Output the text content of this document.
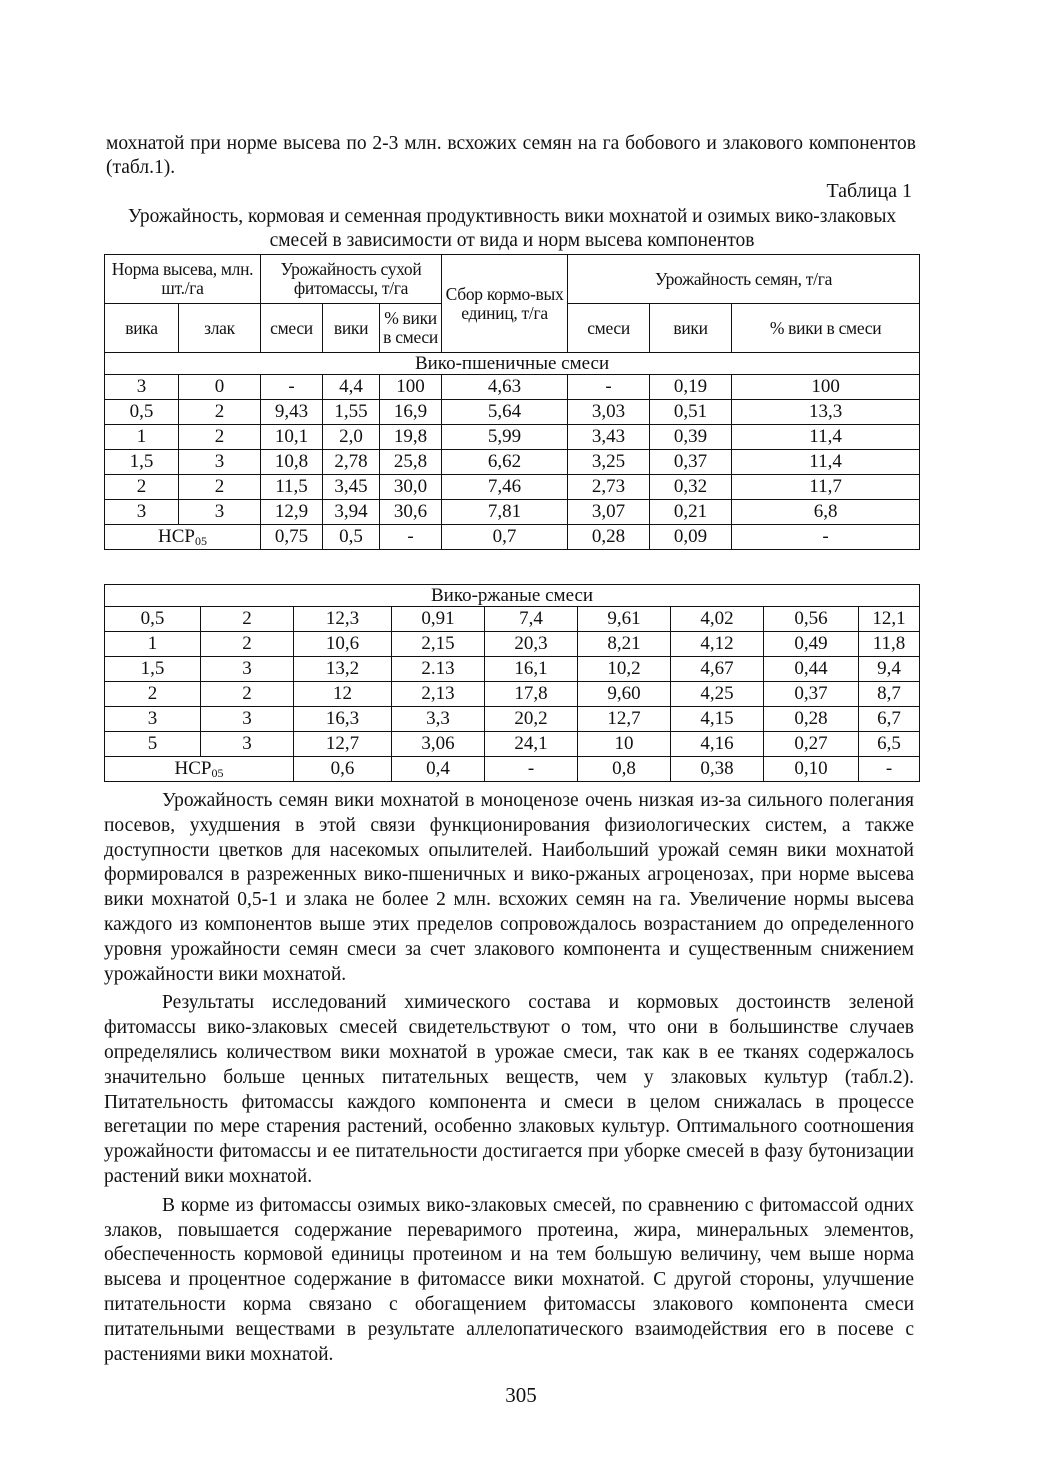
мохнатой при норме высева по 2-3 млн. всхожих семян на га бобового и злакового компонентов (табл.1).
Таблица 1
Урожайность, кормовая и семенная продуктивность вики мохнатой и озимых вико-злаковых смесей в зависимости от вида и норм высева компонентов
Норма высева, млн. шт./га		Урожайность сухой фитомассы, т/га			Сбор кормо-вых единиц, т/га	Урожайность семян, т/га		
вика	злак	смеси	вики	% вики в смеси		смеси	вики	% вики в смеси
Вико-пшеничные смеси								
3	0	-	4,4	100	4,63	-	0,19	100
0,5	2	9,43	1,55	16,9	5,64	3,03	0,51	13,3
1	2	10,1	2,0	19,8	5,99	3,43	0,39	11,4
1,5	3	10,8	2,78	25,8	6,62	3,25	0,37	11,4
2	2	11,5	3,45	30,0	7,46	2,73	0,32	11,7
3	3	12,9	3,94	30,6	7,81	3,07	0,21	6,8
$НСР_{05}$		0,75	0,5	-	0,7	0,28	0,09	-
Вико-ржаные смеси								
0,5	2	12,3	0,91	7,4	9,61	4,02	0,56	12,1
1	2	10,6	2,15	20,3	8,21	4,12	0,49	11,8
1,5	3	13,2	2.13	16,1	10,2	4,67	0,44	9,4
2	2	12	2,13	17,8	9,60	4,25	0,37	8,7
3	3	16,3	3,3	20,2	12,7	4,15	0,28	6,7
5	3	12,7	3,06	24,1	10	4,16	0,27	6,5
$НСР_{05}$		0,6	0,4	-	0,8	0,38	0,10	-

Урожайность семян вики мохнатой в моноценозе очень низкая из-за сильного полегания посевов, ухудшения в этой связи функционирования физиологических систем, а также доступности цветков для насекомых опылителей. Наибольший урожай семян вики мохнатой формировался в разреженных вико-пшеничных и вико-ржаных агроценозах, при норме высева вики мохнатой 0,5-1 и злака не более 2 млн. всхожих семян на га. Увеличение нормы высева каждого из компонентов выше этих пределов сопровождалось возрастанием до определенного уровня урожайности семян смеси за счет злакового компонента и существенным снижением урожайности вики мохнатой.

Результаты исследований химического состава и кормовых достоинств зеленой фитомассы вико-злаковых смесей свидетельствуют о том, что они в большинстве случаев определялись количеством вики мохнатой в урожае смеси, так как в ее тканях содержалось значительно больше ценных питательных веществ, чем у злаковых культур (табл.2). Питательность фитомассы каждого компонента и смеси в целом снижалась в процессе вегетации по мере старения растений, особенно злаковых культур. Оптимального соотношения урожайности фитомассы и ее питательности достигается при уборке смесей в фазу бутонизации растений вики мохнатой.

В корме из фитомассы озимых вико-злаковых смесей, по сравнению с фитомассой одних злаков, повышается содержание переваримого протеина, жира, минеральных элементов, обеспеченность кормовой единицы протеином и на тем большую величину, чем выше норма высева и процентное содержание в фитомассе вики мохнатой. С другой стороны, улучшение питательности корма связано с обогащением фитомассы злакового компонента смеси питательными веществами в результате аллелопатического взаимодействия его в посеве с растениями вики мохнатой.

305
